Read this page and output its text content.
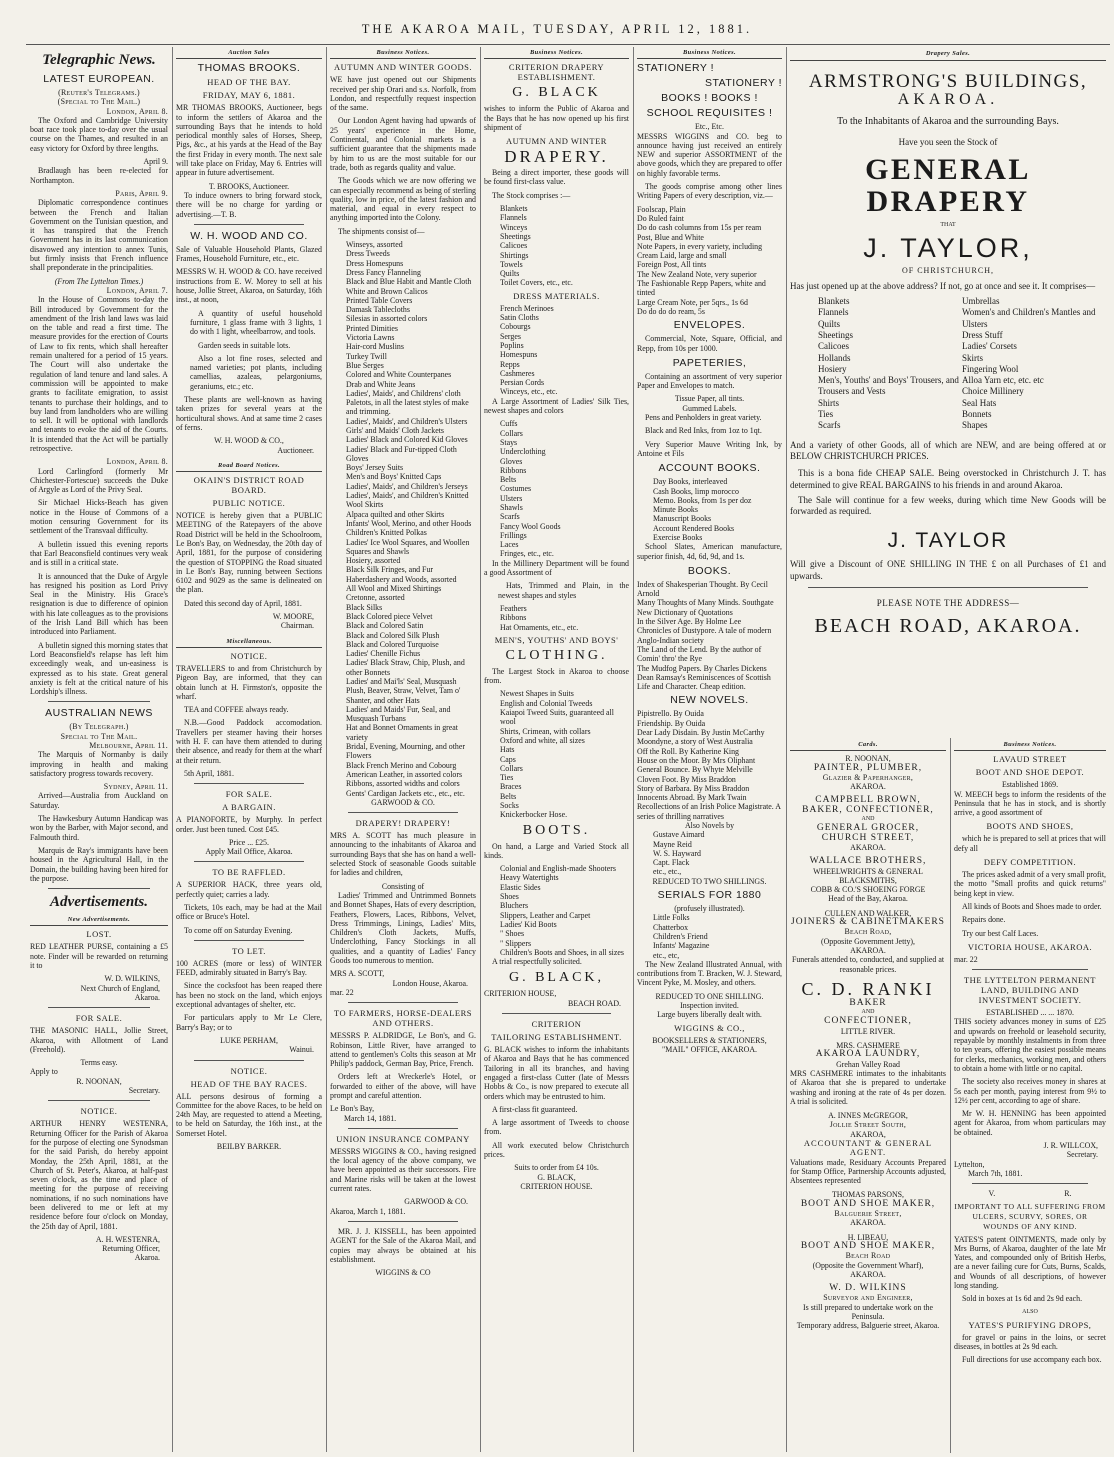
THE AKAROA MAIL, TUESDAY, APRIL 12, 1881.
Telegraphic News.
LATEST EUROPEAN.
(Reuter's Telegrams.)
(Special to The Mail.)
London, April 8.
The Oxford and Cambridge University boat race took place to-day over the usual course on the Thames, and resulted in an easy victory for Oxford by three lengths.
April 9.
Bradlaugh has been re-elected for Northampton.
Paris, April 9.
Diplomatic correspondence continues between the French and Italian Government on the Tunisian question, and it has transpired that the French Government has in its last communication disavowed any intention to annex Tunis, but firmly insists that French influence shall preponderate in the principalities.
(From The Lyttelton Times.)
London, April 7.
In the House of Commons to-day the Bill introduced by Government for the amendment of the Irish land laws was laid on the table and read a first time. The measure provides for the erection of Courts of Law to fix rents, which shall hereafter remain unaltered for a period of 15 years. The Court will also undertake the regulation of land tenure and land sales. A commission will be appointed to make grants to facilitate emigration, to assist tenants to purchase their holdings, and to buy land from landholders who are willing to sell. It will be optional with landlords and tenants to evoke the aid of the Courts. It is intended that the Act will be partially retrospective.
London, April 8.
Lord Carlingford (formerly Mr Chichester-Fortescue) succeeds the Duke of Argyle as Lord of the Privy Seal.
Sir Michael Hicks-Beach has given notice in the House of Commons of a motion censuring Government for its settlement of the Transvaal difficulty.
A bulletin issued this evening reports that Earl Beaconsfield continues very weak and is still in a critical state.
It is announced that the Duke of Argyle has resigned his position as Lord Privy Seal in the Ministry. His Grace's resignation is due to difference of opinion with his late colleagues as to the provisions of the Irish Land Bill which has been introduced into Parliament.
A bulletin signed this morning states that Lord Beaconsfield's relapse has left him exceedingly weak, and un-easiness is expressed as to his state. Great general anxiety is felt at the critical nature of his Lordship's illness.
AUSTRALIAN NEWS
(By Telegraph.)
Special to The Mail.
Melbourne, April 11.
The Marquis of Normanby is daily improving in health and making satisfactory progress towards recovery.
Sydney, April 11.
Arrived—Australia from Auckland on Saturday.
The Hawkesbury Autumn Handicap was won by the Barber, with Major second, and Falmouth third.
Marquis de Ray's immigrants have been housed in the Agricultural Hall, in the Domain, the building having been hired for the purpose.
Advertisements.
New Advertisements.
LOST.
RED LEATHER PURSE, containing a £5 note. Finder will be rewarded on returning it to
W. D. WILKINS,
Next Church of England,
Akaroa.
FOR SALE.
THE MASONIC HALL, Jollie Street, Akaroa, with Allotment of Land (Freehold).
Terms easy.
Apply to
R. NOONAN,
Secretary.
NOTICE.
ARTHUR HENRY WESTENRA, Returning Officer for the Parish of Akaroa for the purpose of electing one Synodsman for the said Parish, do hereby appoint Monday, the 25th April, 1881, at the Church of St. Peter's, Akaroa, at half-past seven o'clock, as the time and place of meeting for the purpose of receiving nominations, if no such nominations have been delivered to me or left at my residence before four o'clock on Monday, the 25th day of April, 1881.
A. H. WESTENRA,
Returning Officer,
Akaroa.
Auction Sales
THOMAS BROOKS.
HEAD OF THE BAY.
FRIDAY, MAY 6, 1881.
MR THOMAS BROOKS, Auctioneer, begs to inform the settlers of Akaroa and the surrounding Bays that he intends to hold periodical monthly sales of Horses, Sheep, Pigs, &c., at his yards at the Head of the Bay the first Friday in every month. The next sale will take place on Friday, May 6. Entries will appear in future advertisement.
T. BROOKS, Auctioneer.
To induce owners to bring forward stock, there will be no charge for yarding or advertising.—T. B.
W. H. WOOD AND CO.
Sale of Valuable Household Plants, Glazed Frames, Household Furniture, etc., etc.
MESSRS W. H. WOOD & CO. have received instructions from E. W. Morey to sell at his house, Jollie Street, Akaroa, on Saturday, 16th inst., at noon,
A quantity of useful household furniture, 1 glass frame with 3 lights, 1 do with 1 light, wheelbarrow, and tools.
Garden seeds in suitable lots.
Also a lot fine roses, selected and named varieties; pot plants, including camellias, azaleas, pelargoniums, geraniums, etc.; etc.
These plants are well-known as having taken prizes for several years at the horticultural shows. And at same time 2 cases of ferns.
W. H. WOOD & CO.,
Auctioneer.
Road Board Notices.
OKAIN'S DISTRICT ROAD BOARD.
PUBLIC NOTICE.
NOTICE is hereby given that a PUBLIC MEETING of the Ratepayers of the above Road District will be held in the Schoolroom, Le Bon's Bay, on Wednesday, the 20th day of April, 1881, for the purpose of considering the question of STOPPING the Road situated in Le Bon's Bay, running between Sections 6102 and 9029 as the same is delineated on the plan.
Dated this second day of April, 1881.
W. MOORE,
Chairman.
Miscellaneous.
NOTICE.
TRAVELLERS to and from Christchurch by Pigeon Bay, are informed, that they can obtain lunch at H. Firmston's, opposite the wharf.
TEA and COFFEE always ready.
N.B.—Good Paddock accomodation. Travellers per steamer having their horses with H. F. can have them attended to during their absence, and ready for them at the wharf at their return.
5th April, 1881.
FOR SALE.
A BARGAIN.
A PIANOFORTE, by Murphy. In perfect order. Just been tuned. Cost £45.
Price ... £25.
Apply Mail Office, Akaroa.
TO BE RAFFLED.
A SUPERIOR HACK, three years old, perfectly quiet; carries a lady.
Tickets, 10s each, may be had at the Mail office or Bruce's Hotel.
To come off on Saturday Evening.
TO LET.
100 ACRES (more or less) of WINTER FEED, admirably situated in Barry's Bay.
Since the cocksfoot has been reaped there has been no stock on the land, which enjoys exceptional advantages of shelter, etc.
For particulars apply to Mr Le Clere, Barry's Bay; or to
LUKE PERHAM,
Wainui.
NOTICE.
HEAD OF THE BAY RACES.
ALL persons desirous of forming a Committee for the above Races, to be held on 24th May, are requested to attend a Meeting, to be held on Saturday, the 16th inst., at the Somerset Hotel.
BEILBY BARKER.
Business Notices.
AUTUMN AND WINTER GOODS.
WE have just opened out our Shipments received per ship Orari and s.s. Norfolk, from London, and respectfully request inspection of the same.
Our London Agent having had upwards of 25 years' experience in the Home, Continental, and Colonial markets is a sufficient guarantee that the shipments made by him to us are the most suitable for our trade, both as regards quality and value.
The Goods which we are now offering we can especially recommend as being of sterling quality, low in price, of the latest fashion and material, and equal in every respect to anything imported into the Colony.
The shipments consist of—
Winseys, assorted
Dress Tweeds
Dress Homespuns
Dress Fancy Flanneling
Black and Blue Habit and Mantle Cloth
White and Brown Calicos
Printed Table Covers
Damask Tablecloths
Silesias in assorted colors
Printed Dimities
Victoria Lawns
Hair-cord Muslins
Turkey Twill
Blue Serges
Colored and White Counterpanes
Drab and White Jeans
Ladies', Maids', and Childrens' cloth Paletots, in all the latest styles of make and trimming.
Ladies', Maids', and Children's Ulsters
Girls' and Maids' Cloth Jackets
Ladies' Black and Colored Kid Gloves
Ladies' Black and Fur-tipped Cloth Gloves
Boys' Jersey Suits
Men's and Boys' Knitted Caps
Ladies', Maids', and Children's Jerseys
Ladies', Maids', and Children's Knitted Wool Skirts
Alpaca quilted and other Skirts
Infants' Wool, Merino, and other Hoods
Children's Knitted Polkas
Ladies' Ice Wool Squares, and Woollen Squares and Shawls
Hosiery, assorted
Black Silk Fringes, and Fur
Haberdashery and Woods, assorted
All Wool and Mixed Shirtings
Cretonne, assorted
Black Silks
Black Colored piece Velvet
Black and Colored Satin
Black and Colored Silk Plush
Black and Colored Turquoise
Ladies' Chenille Fichus
Ladies' Black Straw, Chip, Plush, and other Bonnets
Ladies' and Mai'ls' Seal, Musquash Plush, Beaver, Straw, Velvet, Tam o' Shanter, and other Hats
Ladies' and Maids' Fur, Seal, and Musquash Turbans
Hat and Bonnet Ornaments in great variety
Bridal, Evening, Mourning, and other Flowers
Black French Merino and Cobourg
American Leather, in assorted colors
Ribbons, assorted widths and colors
Gents' Cardigan Jackets etc., etc., etc.
GARWOOD & CO.
DRAPERY! DRAPERY!
MRS A. SCOTT has much pleasure in announcing to the inhabitants of Akaroa and surrounding Bays that she has on hand a well-selected Stock of seasonable Goods suitable for ladies and children,
Consisting of
Ladies' Trimmed and Untrimmed Bonnets and Bonnet Shapes, Hats of every description, Feathers, Flowers, Laces, Ribbons, Velvet, Dress Trimmings, Linings, Ladies' Mits, Children's Cloth Jackets, Muffs, Underclothing, Fancy Stockings in all qualities, and a quantity of Ladies' Fancy Goods too numerous to mention.
MRS A. SCOTT,
London House, Akaroa.
mar. 22
TO FARMERS, HORSE-DEALERS AND OTHERS.
MESSRS P. ALDRIDGE, Le Bon's, and G. Robinson, Little River, have arranged to attend to gentlemen's Colts this season at Mr Philip's paddock, German Bay, Price, French.
Orders left at Wreckerle's Hotel, or forwarded to either of the above, will have prompt and careful attention.
Le Bon's Bay,
March 14, 1881.
UNION INSURANCE COMPANY
MESSRS WIGGINS & CO., having resigned the local agency of the above company, we have been appointed as their successors. Fire and Marine risks will be taken at the lowest current rates.
GARWOOD & CO.
Akaroa, March 1, 1881.
MR. J. J. KISSELL, has been appointed AGENT for the Sale of the Akaroa Mail, and copies may always be obtained at his establishment.
WIGGINS & CO
Business Notices.
CRITERION DRAPERY ESTABLISHMENT.
G. BLACK
wishes to inform the Public of Akaroa and the Bays that he has now opened up his first shipment of
AUTUMN AND WINTER
DRAPERY.
Being a direct importer, these goods will be found first-class value.
The Stock comprises :—
Blankets
Flannels
Winceys
Sheetings
Calicoes
Shirtings
Towels
Quilts
Toilet Covers, etc., etc.
DRESS MATERIALS.
French Merinoes
Satin Cloths
Cobourgs
Serges
Poplins
Homespuns
Repps
Cashmeres
Persian Cords
Winceys, etc., etc.
A Large Assortment of Ladies' Silk Ties, newest shapes and colors
Cuffs
Collars
Stays
Underclothing
Gloves
Ribbons
Belts
Costumes
Ulsters
Shawls
Scarfs
Fancy Wool Goods
Frillings
Laces
Fringes, etc., etc.
In the Millinery Department will be found a good Assortment of
Hats, Trimmed and Plain, in the newest shapes and styles
Feathers
Ribbons
Hat Ornaments, etc., etc.
MEN'S, YOUTHS' AND BOYS'
CLOTHING.
The Largest Stock in Akaroa to choose from.
Newest Shapes in Suits
English and Colonial Tweeds
Kaiapoi Tweed Suits, guaranteed all wool
Shirts, Crimean, with collars
Oxford and white, all sizes
Hats
Caps
Collars
Ties
Braces
Belts
Socks
Knickerbocker Hose.
BOOTS.
On hand, a Large and Varied Stock all kinds.
Colonial and English-made Shooters
Heavy Watertights
Elastic Sides
Shoes
Bluchers
Slippers, Leather and Carpet
Ladies' Kid Boots
" Shoes
" Slippers
Children's Boots and Shoes, in all sizes
A trial respectfully solicited.
G. BLACK,
CRITERION HOUSE,
BEACH ROAD.
CRITERION
TAILORING ESTABLISHMENT.
G. BLACK wishes to inform the inhabitants of Akaroa and Bays that he has commenced Tailoring in all its branches, and having engaged a first-class Cutter (late of Messrs Hobbs & Co., is now prepared to execute all orders which may be entrusted to him.
A first-class fit guaranteed.
A large assortment of Tweeds to choose from.
All work executed below Christchurch prices.
Suits to order from £4 10s.
G. BLACK,
CRITERION HOUSE.
Business Notices.
STATIONERY !
STATIONERY !
BOOKS ! BOOKS !
SCHOOL REQUISITES !
Etc., Etc.
MESSRS WIGGINS and CO. beg to announce having just received an entirely NEW and superior ASSORTMENT of the above goods, which they are prepared to offer on highly favorable terms.
The goods comprise among other lines Writing Papers of every description, viz.—
Foolscap, Plain
Do Ruled faint
Do do cash columns from 15s per ream
Post, Blue and White
Note Papers, in every variety, including Cream Laid, large and small
Foreign Post, All tints
The New Zealand Note, very superior
The Fashionable Repp Papers, white and tinted
Large Cream Note, per 5qrs., 1s 6d
Do do do do ream, 5s
ENVELOPES.
Commercial, Note, Square, Official, and Repp, from 10s per 1000.
PAPETERIES,
Containing an assortment of very superior Paper and Envelopes to match.
Tissue Paper, all tints.
Gummed Labels.
Pens and Penholders in great variety.
Black and Red Inks, from 1oz to 1qt.
Very Superior Mauve Writing Ink, by Antoine et Fils
ACCOUNT BOOKS.
Day Books, interleaved
Cash Books, limp morocco
Memo. Books, from 1s per doz
Minute Books
Manuscript Books
Account Rendered Books
Exercise Books
School Slates, American manufacture, superior finish, 4d, 6d, 9d, and 1s.
BOOKS.
Index of Shakesperian Thought. By Cecil Arnold
Many Thoughts of Many Minds. Southgate
New Dictionary of Quotations
In the Silver Age. By Holme Lee
Chronicles of Dustypore. A tale of modern Anglo-Indian society
The Land of the Lend. By the author of Comin' thro' the Rye
The Mudfog Papers. By Charles Dickens
Dean Ramsay's Reminiscences of Scottish Life and Character. Cheap edition.
NEW NOVELS.
Pipistrello. By Ouida
Friendship. By Ouida
Dear Lady Disdain. By Justin McCarthy
Moondyne, a story of West Australia
Off the Roll. By Katherine King
House on the Moor. By Mrs Oliphant
General Bounce. By Whyte Melville
Cloven Foot. By Miss Braddon
Story of Barbara. By Miss Braddon
Innocents Abroad. By Mark Twain
Recollections of an Irish Police Magistrate. A series of thrilling narratives
Also Novels by
Gustave Aimard
Mayne Reid
W. S. Hayward
Capt. Flack
etc., etc.,
REDUCED TO TWO SHILLINGS.
SERIALS FOR 1880
(profusely illustrated).
Little Folks
Chatterbox
Children's Friend
Infants' Magazine
etc., etc,
The New Zealand Illustrated Annual, with contributions from T. Bracken, W. J. Steward, Vincent Pyke, M. Mosley, and others.
REDUCED TO ONE SHILLING.
Inspection invited.
Large buyers liberally dealt with.
WIGGINS & CO.,
BOOKSELLERS & STATIONERS,
"MAIL" OFFICE, AKAROA.
Drapery Sales.
ARMSTRONG'S BUILDINGS,
AKAROA.
To the Inhabitants of Akaroa and the surrounding Bays.
Have you seen the Stock of
GENERAL DRAPERY
THAT
J. TAYLOR,
OF CHRISTCHURCH,
Has just opened up at the above address? If not, go at once and see it. It comprises—
Blankets
Flannels
Quilts
Sheetings
Calicoes
Hollands
Hosiery
Men's, Youths' and Boys' Trousers, and Trousers and Vests
Shirts
Ties
Scarfs
Umbrellas
Women's and Children's Mantles and Ulsters
Dress Stuff
Ladies' Corsets
Skirts
Fingering Wool
Alloa Yarn etc, etc. etc
Choice Millinery
Seal Hats
Bonnets
Shapes
And a variety of other Goods, all of which are NEW, and are being offered at or BELOW CHRISTCHURCH PRICES.
This is a bona fide CHEAP SALE. Being overstocked in Christchurch J. T. has determined to give REAL BARGAINS to his friends in and around Akaroa.
The Sale will continue for a few weeks, during which time New Goods will be forwarded as required.
J. TAYLOR
Will give a Discount of ONE SHILLING IN THE £ on all Purchases of £1 and upwards.
PLEASE NOTE THE ADDRESS—
BEACH ROAD, AKAROA.
Cards.
R. NOONAN,
PAINTER, PLUMBER,
Glazier & Paperhanger,
AKAROA.
CAMPBELL BROWN,
BAKER, CONFECTIONER,
AND
GENERAL GROCER,
CHURCH STREET,
AKAROA.
WALLACE BROTHERS,
WHEELWRIGHTS & GENERAL BLACKSMITHS,
COBB & CO.'S SHOEING FORGE
Head of the Bay, Akaroa.
CULLEN AND WALKER,
JOINERS & CABINETMAKERS
Beach Road,
(Opposite Government Jetty),
AKAROA.
Funerals attended to, conducted, and supplied at reasonable prices.
C. D. RANKI
BAKER
AND
CONFECTIONER,
LITTLE RIVER.
MRS. CASHMERE
AKAROA LAUNDRY,
Grehan Valley Road
MRS CASHMERE intimates to the inhabitants of Akaroa that she is prepared to undertake washing and ironing at the rate of 4s per dozen. A trial is solicited.
A. INNES McGREGOR,
Jollie Street South,
AKAROA,
ACCOUNTANT & GENERAL AGENT.
Valuations made, Residuary Accounts Prepared for Stamp Office, Partnership Accounts adjusted, Absentees represented
THOMAS PARSONS,
BOOT AND SHOE MAKER,
Balguerie Street,
AKAROA.
H. LIBEAU,
BOOT AND SHOE MAKER,
Beach Road
(Opposite the Government Wharf),
AKAROA.
W. D. WILKINS
Surveyor and Engineer,
Is still prepared to undertake work on the Peninsula.
Temporary address, Balguerie street, Akaroa.
Business Notices.
LAVAUD STREET
BOOT AND SHOE DEPOT.
Established 1869.
W. MEECH begs to inform the residents of the Peninsula that he has in stock, and is shortly arrive, a good assortment of
BOOTS AND SHOES,
which he is prepared to sell at prices that will defy all
DEFY COMPETITION.
The prices asked admit of a very small profit, the motto "Small profits and quick returns" being kept in view.
All kinds of Boots and Shoes made to order.
Repairs done.
Try our best Calf Laces.
VICTORIA HOUSE, AKAROA.
mar. 22
THE LYTTELTON PERMANENT LAND, BUILDING AND INVESTMENT SOCIETY.
ESTABLISHED ... ... 1870.
THIS society advances money in sums of £25 and upwards on freehold or leasehold security, repayable by monthly instalments in from three to ten years, offering the easiest possible means for clerks, mechanics, working men, and others to obtain a home with little or no capital.
The society also receives money in shares at 5s each per month, paying interest from 9½ to 12½ per cent, according to age of share.
Mr W. H. HENNING has been appointed agent for Akaroa, from whom particulars may be obtained.
J. R. WILLCOX,
Secretary.
Lyttelton,
March 7th, 1881.
V.	R.
IMPORTANT TO ALL SUFFERING FROM ULCERS, SCURVY, SORES, OR WOUNDS OF ANY KIND.
YATES'S patent OINTMENTS, made only by Mrs Burns, of Akaroa, daughter of the late Mr Yates, and compounded only of British Herbs, are a never failing cure for Cuts, Burns, Scalds, and Wounds of all descriptions, of however long standing.
Sold in boxes at 1s 6d and 2s 9d each.
ALSO
YATES'S PURIFYING DROPS,
for gravel or pains in the loins, or secret diseases, in bottles at 2s 9d each.
Full directions for use accompany each box.
